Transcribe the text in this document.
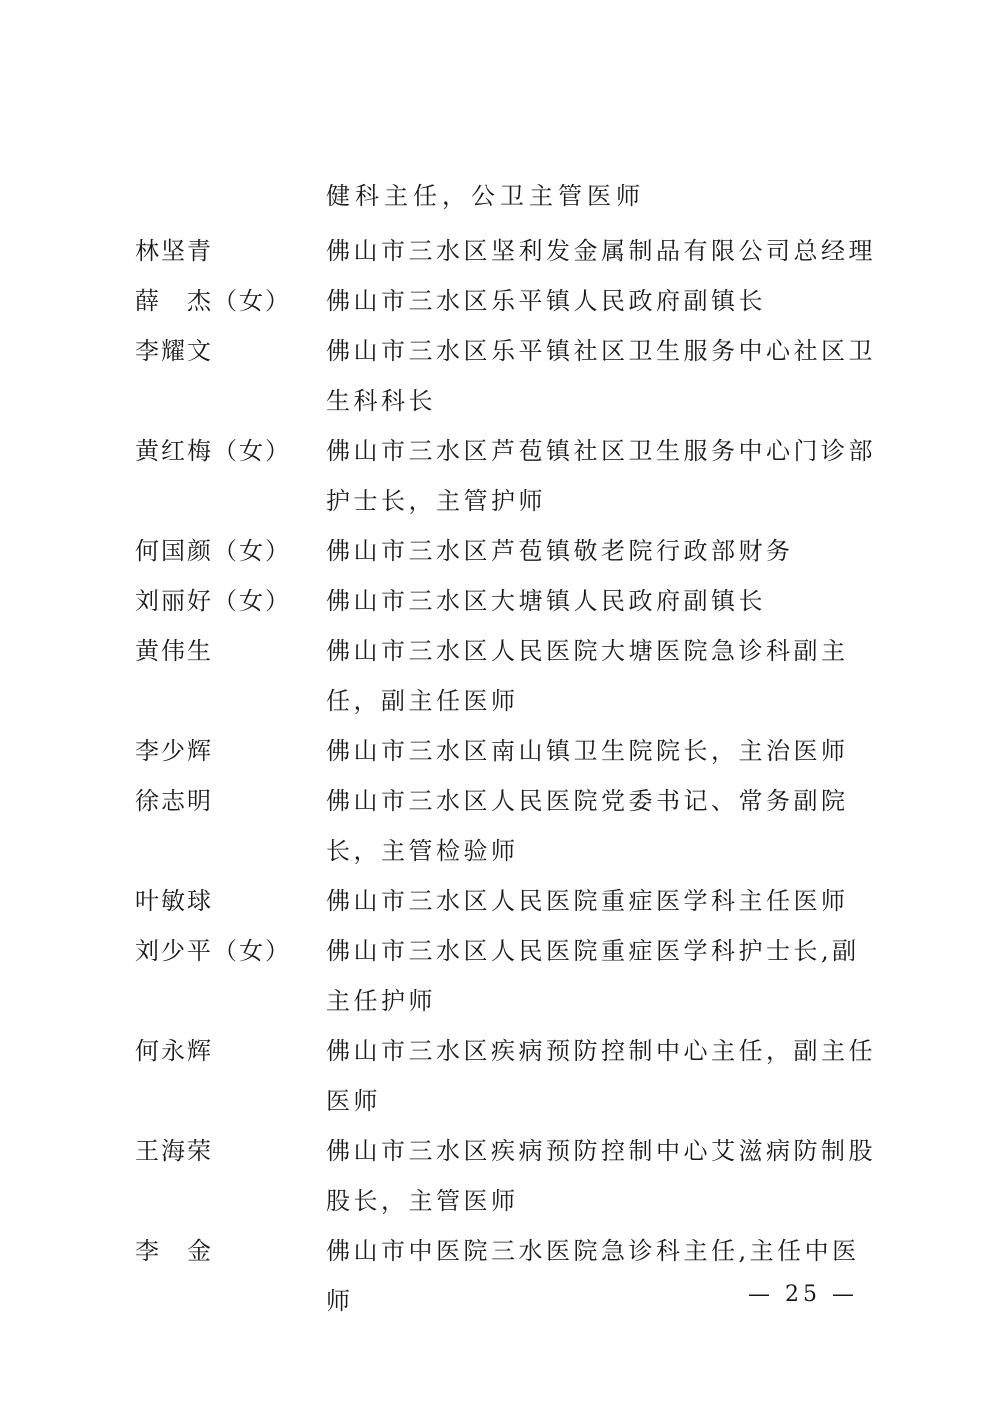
健科主任，公卫主管医师
林坚青	佛山市三水区坚利发金属制品有限公司总经理
薛　杰（女）	佛山市三水区乐平镇人民政府副镇长
李耀文	佛山市三水区乐平镇社区卫生服务中心社区卫生科科长
黄红梅（女）	佛山市三水区芦苞镇社区卫生服务中心门诊部护士长，主管护师
何国颜（女）	佛山市三水区芦苞镇敬老院行政部财务
刘丽好（女）	佛山市三水区大塘镇人民政府副镇长
黄伟生	佛山市三水区人民医院大塘医院急诊科副主任，副主任医师
李少辉	佛山市三水区南山镇卫生院院长，主治医师
徐志明	佛山市三水区人民医院党委书记、常务副院长，主管检验师
叶敏球	佛山市三水区人民医院重症医学科主任医师
刘少平（女）	佛山市三水区人民医院重症医学科护士长,副主任护师
何永辉	佛山市三水区疾病预防控制中心主任，副主任医师
王海荣	佛山市三水区疾病预防控制中心艾滋病防制股股长，主管医师
李　金	佛山市中医院三水医院急诊科主任,主任中医师	— 25 —
